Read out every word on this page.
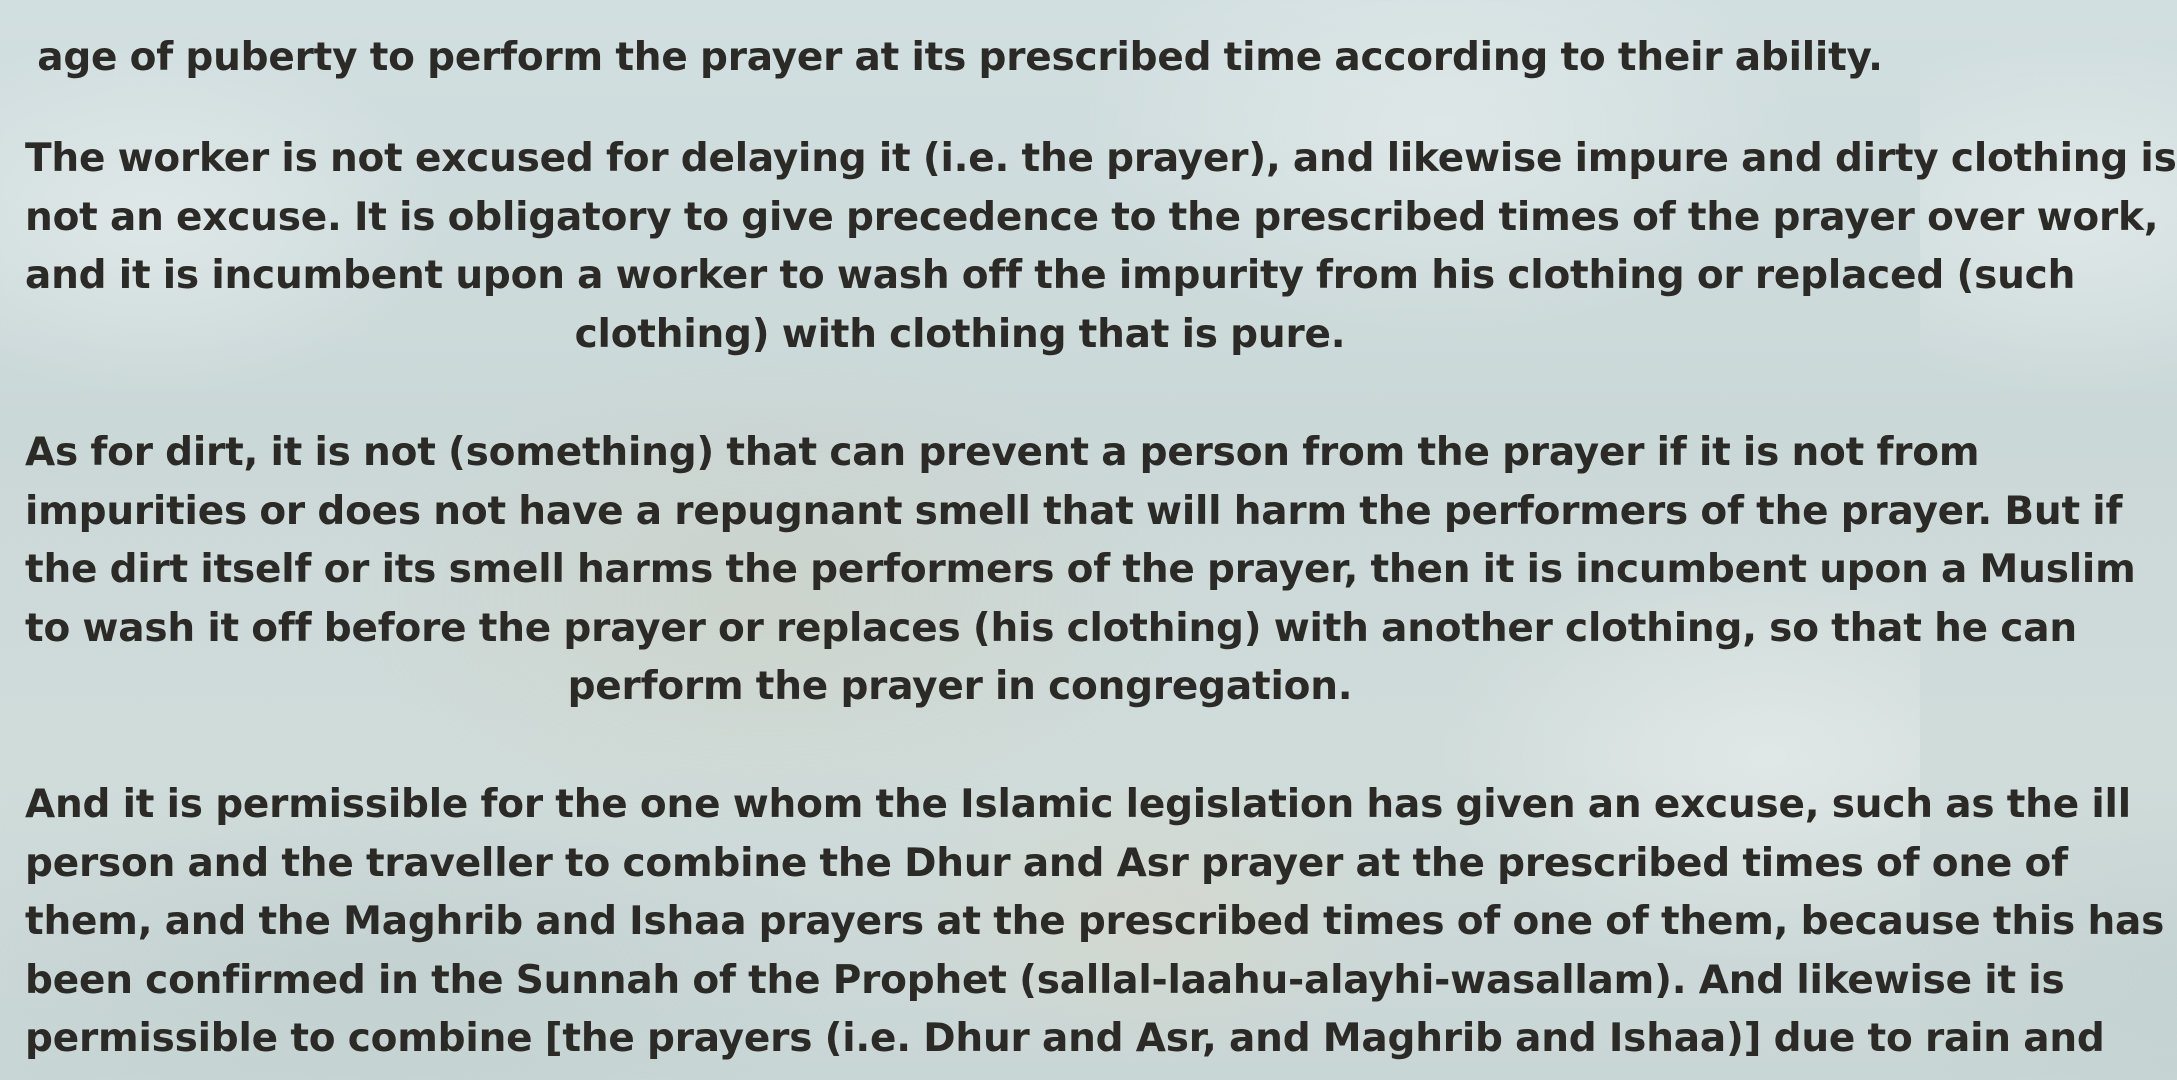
age of puberty to perform the prayer at its prescribed time according to their ability.

The worker is not excused for delaying it (i.e. the prayer), and likewise impure and dirty clothing is
not an excuse. It is obligatory to give precedence to the prescribed times of the prayer over work,
and it is incumbent upon a worker to wash off the impurity from his clothing or replaced (such
clothing) with clothing that is pure.

As for dirt, it is not (something) that can prevent a person from the prayer if it is not from
impurities or does not have a repugnant smell that will harm the performers of the prayer. But if
the dirt itself or its smell harms the performers of the prayer, then it is incumbent upon a Muslim
to wash it off before the prayer or replaces (his clothing) with another clothing, so that he can
perform the prayer in congregation.

And it is permissible for the one whom the Islamic legislation has given an excuse, such as the ill
person and the traveller to combine the Dhur and Asr prayer at the prescribed times of one of
them, and the Maghrib and Ishaa prayers at the prescribed times of one of them, because this has
been confirmed in the Sunnah of the Prophet (sallal-laahu-alayhi-wasallam). And likewise it is
permissible to combine [the prayers (i.e. Dhur and Asr, and Maghrib and Ishaa)] due to rain and
